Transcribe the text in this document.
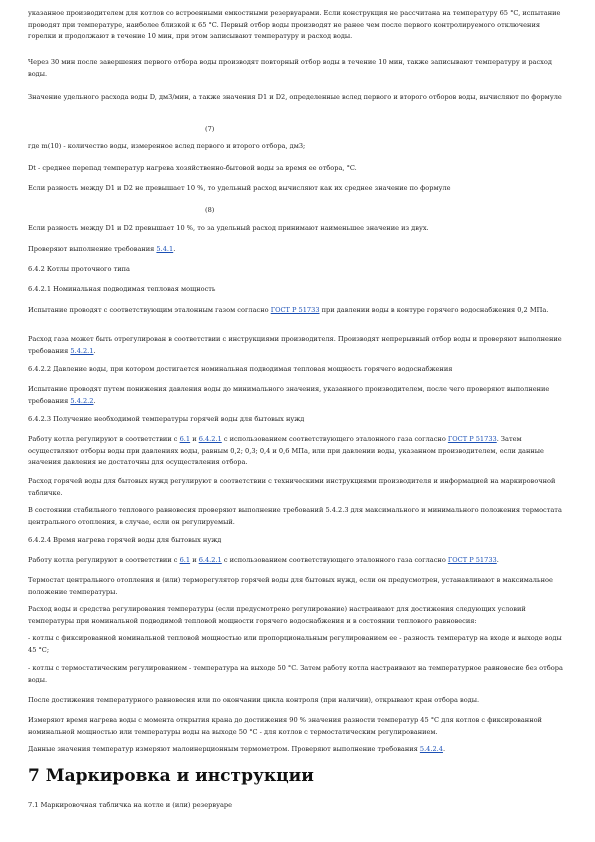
указанное производителем для котлов со встроенными емкостными резервуарами. Если конструкция не рассчитана на температуру 65 °C, испытание проводят при температуре, наиболее близкой к 65 °C. Первый отбор воды производят не ранее чем после первого контролируемого отключения горелки и продолжают в течение 10 мин, при этом записывают температуру и расход воды.

Через 30 мин после завершения первого отбора воды производят повторный отбор воды в течение 10 мин, также записывают температуру и расход воды.

Значение удельного расхода воды D, дм3/мин, а также значения D1 и D2, определенные вслед первого и второго отборов воды, вычисляют по формуле

(7)

где m(10) - количество воды, измеренное вслед первого и второго отбора, дм3;

Dt - среднее перепад температур нагрева хозяйственно-бытовой воды за время ее отбора, °C.

Если разность между D1 и D2 не превышает 10 %, то удельный расход вычисляют как их среднее значение по формуле

(8)

Если разность между D1 и D2 превышает 10 %, то за удельный расход принимают наименьшее значение из двух.

Проверяют выполнение требования 5.4.1.

6.4.2 Котлы проточного типа

6.4.2.1 Номинальная подводимая тепловая мощность

Испытание проводят с соответствующим эталонным газом согласно ГОСТ Р 51733 при давлении воды в контуре горячего водоснабжения 0,2 МПа.

Расход газа может быть отрегулирован в соответствии с инструкциями производителя. Производят непрерывный отбор воды и проверяют выполнение требования 5.4.2.1.

6.4.2.2 Давление воды, при котором достигается номинальная подводимая тепловая мощность горячего водоснабжения

Испытание проводят путем понижения давления воды до минимального значения, указанного производителем, после чего проверяют выполнение требования 5.4.2.2.

6.4.2.3 Получение необходимой температуры горячей воды для бытовых нужд

Работу котла регулируют в соответствии с 6.1 и 6.4.2.1 с использованием соответствующего эталонного газа согласно ГОСТ Р 51733. Затем осуществляют отборы воды при давлениях воды, равным 0,2; 0,3; 0,4 и 0,6 МПа, или при давлении воды, указанном производителем, если данные значения давления не достаточны для осуществления отбора.

Расход горячей воды для бытовых нужд регулируют в соответствии с техническими инструкциями производителя и информацией на маркировочной табличке.

В состоянии стабильного теплового равновесия проверяют выполнение требований 5.4.2.3 для максимального и минимального положения термостата центрального отопления, в случае, если он регулируемый.

6.4.2.4 Время нагрева горячей воды для бытовых нужд

Работу котла регулируют в соответствии с 6.1 и 6.4.2.1 с использованием соответствующего эталонного газа согласно ГОСТ Р 51733.

Термостат центрального отопления и (или) терморегулятор горячей воды для бытовых нужд, если он предусмотрен, устанавливают в максимальное положение температуры.

Расход воды и средства регулирования температуры (если предусмотрено регулирование) настраивают для достижения следующих условий температуры при номинальной подводимой тепловой мощности горячего водоснабжения и в состоянии теплового равновесия:

- котлы с фиксированной номинальной тепловой мощностью или пропорциональным регулированием ее - разность температур на входе и выходе воды 45 °C;

- котлы с термостатическим регулированием - температура на выходе 50 °C. Затем работу котла настраивают на температурное равновесие без отбора воды.

После достижения температурного равновесия или по окончании цикла контроля (при наличии), открывают кран отбора воды.

Измеряют время нагрева воды с момента открытия крана до достижения 90 % значения разности температур 45 °C для котлов с фиксированной номинальной мощностью или температуры воды на выходе 50 °C - для котлов с термостатическим регулированием.

Данные значения температур измеряют малоинерционным термометром. Проверяют выполнение требования 5.4.2.4.

7 Маркировка и инструкции

7.1 Маркировочная табличка на котле и (или) резервуаре
